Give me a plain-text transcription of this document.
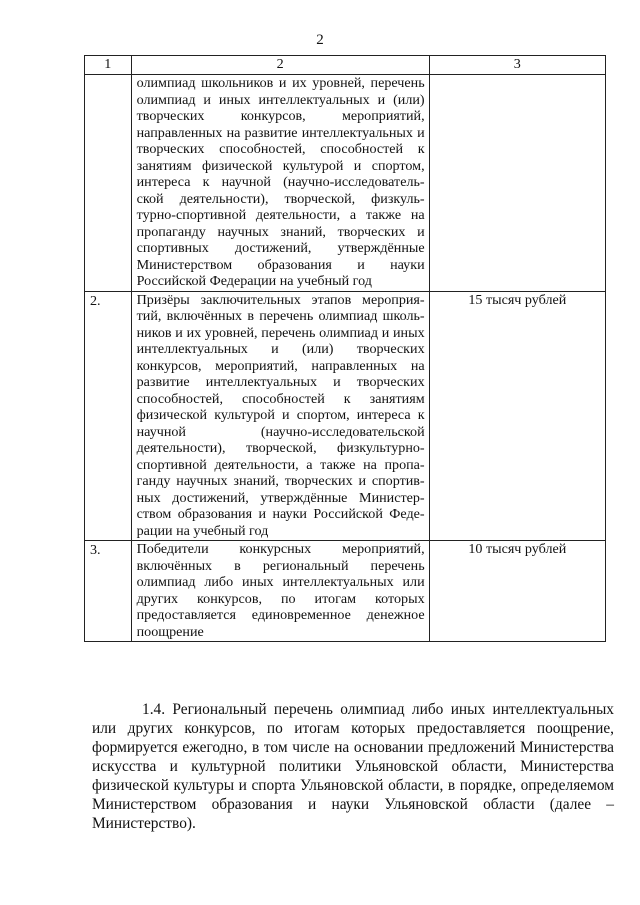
2
1	2	3
	олимпиад школьников и их уровней, перечень олимпиад и иных интеллектуальных и (или) творческих конкурсов, мероприятий, направленных на развитие интеллектуальных и творческих способностей, способностей к занятиям физической культурой и спортом, интереса к научной (научно-исследователь-ской деятельности), творческой, физкуль-турно-спортивной деятельности, а также на пропаганду научных знаний, творческих и спортивных достижений, утверждённые Министерством образования и науки Российской Федерации на учебный год	
2.	Призёры заключительных этапов мероприя-тий, включённых в перечень олимпиад школь-ников и их уровней, перечень олимпиад и иных интеллектуальных и (или) творческих конкурсов, мероприятий, направленных на развитие интеллектуальных и творческих способностей, способностей к занятиям физической культурой и спортом, интереса к научной (научно-исследовательской деятельности), творческой, физкультурно-спортивной деятельности, а также на пропа-ганду научных знаний, творческих и спортив-ных достижений, утверждённые Министер-ством образования и науки Российской Феде-рации на учебный год	15 тысяч рублей
3.	Победители конкурсных мероприятий, включённых в региональный перечень олимпиад либо иных интеллектуальных или других конкурсов, по итогам которых предоставляется единовременное денежное поощрение	10 тысяч рублей

1.4. Региональный перечень олимпиад либо иных интеллектуальных или других конкурсов, по итогам которых предоставляется поощрение, формируется ежегодно, в том числе на основании предложений Министерства искусства и культурной политики Ульяновской области, Министерства физической культуры и спорта Ульяновской области, в порядке, определяемом Министерством образования и науки Ульяновской области (далее – Министерство).
